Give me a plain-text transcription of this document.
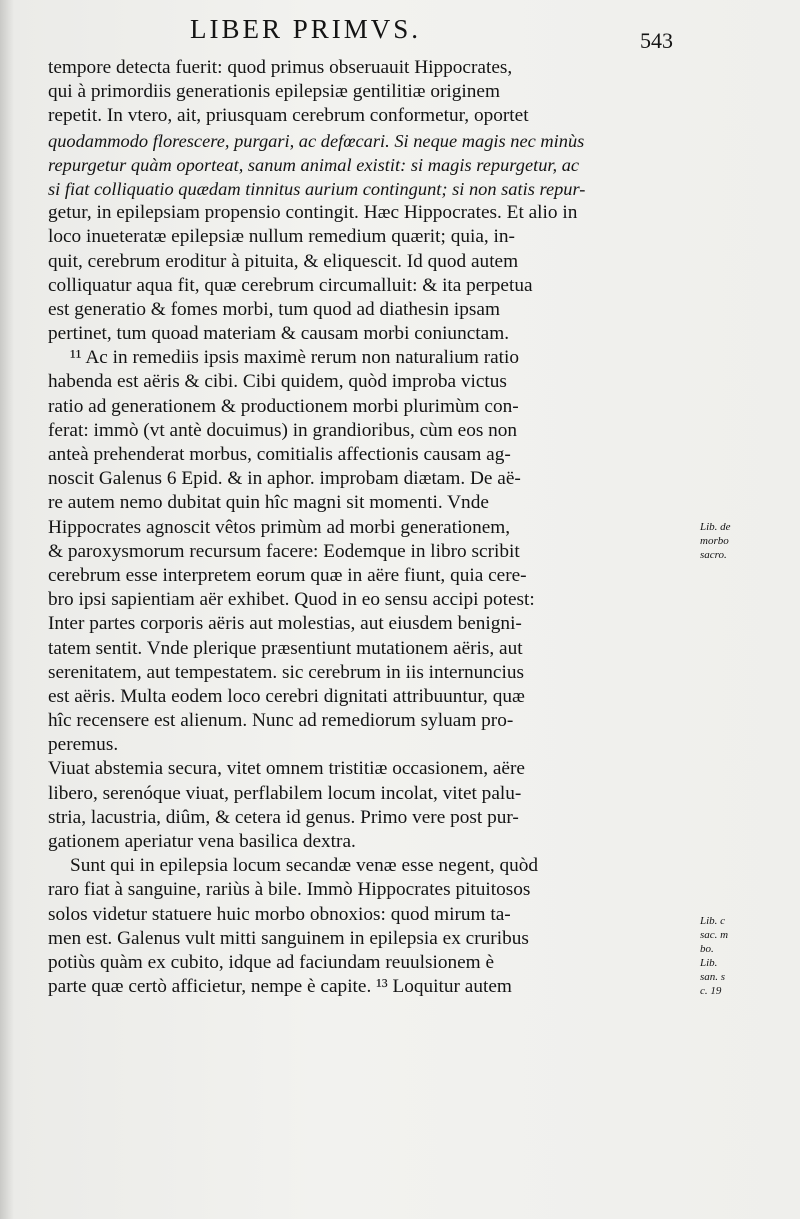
LIBER PRIMVS.	543
tempore detecta fuerit: quod primus obseruauit Hippocrates,
qui à primordiis generationis epilepsiæ gentilitiæ originem
repetit. In vtero, ait, priusquam cerebrum conformetur, oportet
quodammodo florescere, purgari, ac defœcari. Si neque magis nec minùs
repurgetur quàm oporteat, sanum animal existit: si magis repurgetur, ac
si fiat colliquatio quædam tinnitus aurium contingunt; si non satis repur-
getur, in epilepsiam propensio contingit. Hæc Hippocrates. Et alio in
loco inueteratæ epilepsiæ nullum remedium quærit; quia, in-
quit, cerebrum eroditur à pituita, & eliquescit. Id quod autem
colliquatur aqua fit, quæ cerebrum circumalluit: & ita perpetua
est generatio & fomes morbi, tum quod ad diathesin ipsam
pertinet, tum quoad materiam & causam morbi coniunctam.
¹¹ Ac in remediis ipsis maximè rerum non naturalium ratio
habenda est aëris & cibi. Cibi quidem, quòd improba victus
ratio ad generationem & productionem morbi plurimùm con-
ferat: immò (vt antè docuimus) in grandioribus, cùm eos non
anteà prehenderat morbus, comitialis affectionis causam ag-
noscit Galenus 6 Epid. & in aphor. improbam diætam. De aë-
re autem nemo dubitat quin hîc magni sit momenti. Vnde
Hippocrates agnoscit vêtos primùm ad morbi generationem,
& paroxysmorum recursum facere: Eodemque in libro scribit
cerebrum esse interpretem eorum quæ in aëre fiunt, quia cere-
bro ipsi sapientiam aër exhibet. Quod in eo sensu accipi potest:
Inter partes corporis aëris aut molestias, aut eiusdem benigni-
tatem sentit. Vnde plerique præsentiunt mutationem aëris, aut
serenitatem, aut tempestatem. sic cerebrum in iis internuncius
est aëris. Multa eodem loco cerebri dignitati attribuuntur, quæ
hîc recensere est alienum. Nunc ad remediorum syluam pro-
peremus.
Viuat abstemia secura, vitet omnem tristitiæ occasionem, aëre
libero, serenóque viuat, perflabilem locum incolat, vitet palu-
stria, lacustria, diûm, & cetera id genus. Primo vere post pur-
gationem aperiatur vena basilica dextra.
Sunt qui in epilepsia locum secandæ venæ esse negent, quòd
raro fiat à sanguine, rariùs à bile. Immò Hippocrates pituitosos
solos videtur statuere huic morbo obnoxios: quod mirum ta-
men est. Galenus vult mitti sanguinem in epilepsia ex cruribus
potiùs quàm ex cubito, idque ad faciundam reuulsionem è
parte quæ certò afficietur, nempe è capite. ¹³ Loquitur autem
Lib. de
morbo
sacro.
Lib. c
sac. m
bo.
Lib.
san. s
c. 19
